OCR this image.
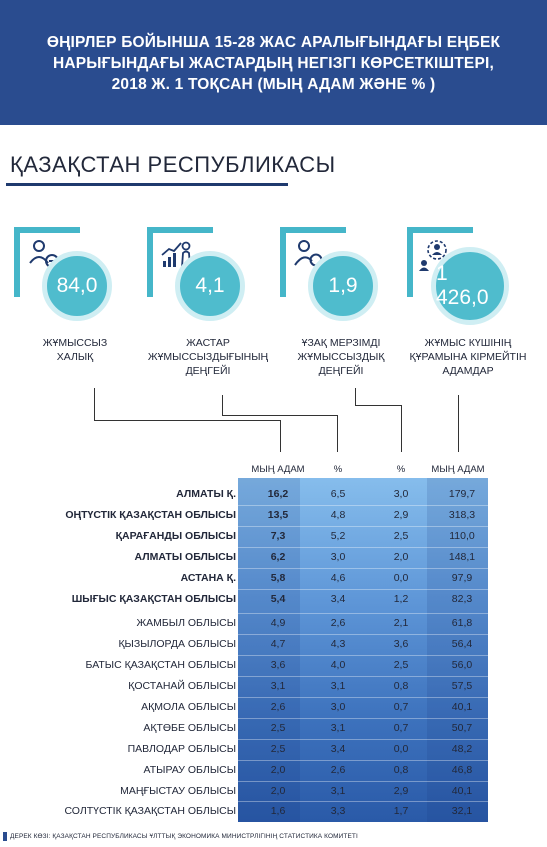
ӨҢІРЛЕР БОЙЫНША 15-28 ЖАС АРАЛЫҒЫНДАҒЫ ЕҢБЕК
НАРЫҒЫНДАҒЫ ЖАСТАРДЫҢ НЕГІЗГІ КӨРСЕТКІШТЕРІ,
2018 Ж. 1 ТОҚСАН (МЫҢ АДАМ ЖӘНЕ % )
ҚАЗАҚСТАН РЕСПУБЛИКАСЫ
84,0
ЖҰМЫССЫЗ
ХАЛЫҚ
4,1
ЖАСТАР
ЖҰМЫССЫЗДЫҒЫНЫҢ
ДЕҢГЕЙІ
1,9
ҰЗАҚ МЕРЗІМДІ
ЖҰМЫССЫЗДЫҚ
ДЕҢГЕЙІ
1 426,0
ЖҰМЫС КҮШІНІҢ
ҚҰРАМЫНА КІРМЕЙТІН
АДАМДАР
МЫҢ АДАМ	%	%	МЫҢ АДАМ
АЛМАТЫ Қ.	16,2	6,5	3,0	179,7
ОҢТҮСТІК ҚАЗАҚСТАН ОБЛЫСЫ	13,5	4,8	2,9	318,3
ҚАРАҒАНДЫ ОБЛЫСЫ	7,3	5,2	2,5	110,0
АЛМАТЫ ОБЛЫСЫ	6,2	3,0	2,0	148,1
АСТАНА Қ.	5,8	4,6	0,0	97,9
ШЫҒЫС ҚАЗАҚСТАН ОБЛЫСЫ	5,4	3,4	1,2	82,3
ЖАМБЫЛ ОБЛЫСЫ	4,9	2,6	2,1	61,8
ҚЫЗЫЛОРДА ОБЛЫСЫ	4,7	4,3	3,6	56,4
БАТЫС ҚАЗАҚСТАН ОБЛЫСЫ	3,6	4,0	2,5	56,0
ҚОСТАНАЙ ОБЛЫСЫ	3,1	3,1	0,8	57,5
АҚМОЛА ОБЛЫСЫ	2,6	3,0	0,7	40,1
АҚТӨБЕ ОБЛЫСЫ	2,5	3,1	0,7	50,7
ПАВЛОДАР ОБЛЫСЫ	2,5	3,4	0,0	48,2
АТЫРАУ ОБЛЫСЫ	2,0	2,6	0,8	46,8
МАҢҒЫСТАУ ОБЛЫСЫ	2,0	3,1	2,9	40,1
СОЛТҮСТІК ҚАЗАҚСТАН ОБЛЫСЫ	1,6	3,3	1,7	32,1
ДЕРЕК КӨЗІ: ҚАЗАҚСТАН РЕСПУБЛИКАСЫ ҰЛТТЫҚ ЭКОНОМИКА МИНИСТРЛІГІНІҢ СТАТИСТИКА КОМИТЕТІ
